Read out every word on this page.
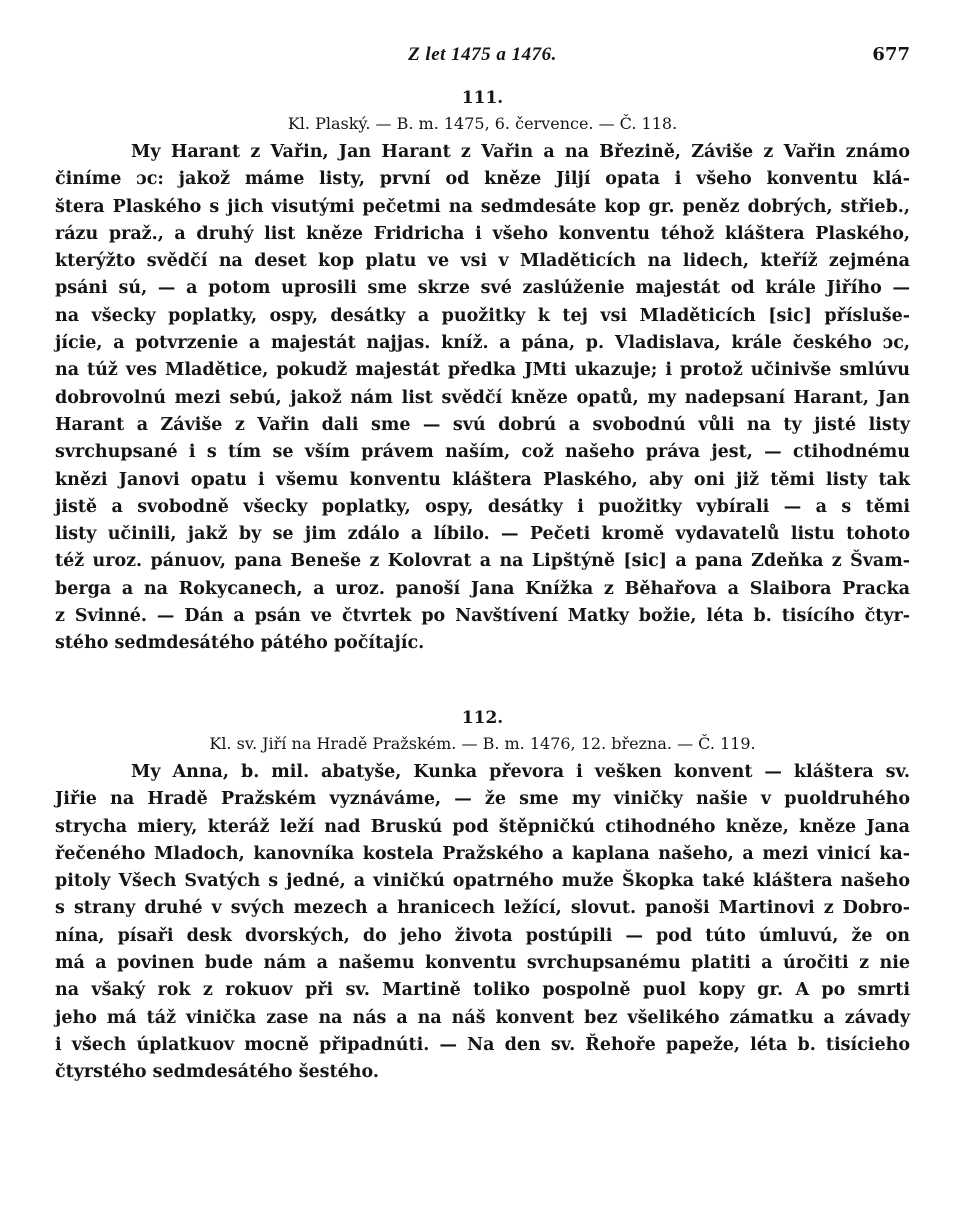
Z let 1475 a 1476.	677

111.

Kl. Plaský. — B. m. 1475, 6. července. — Č. 118.

My Harant z Vařin, Jan Harant z Vařin a na Březině, Záviše z Vařin známo
činíme ɔc: jakož máme listy, první od kněze Jiljí opata i všeho konventu klá-
štera Plaského s jich visutými pečetmi na sedmdesáte kop gr. peněz dobrých, střieb.,
rázu praž., a druhý list kněze Fridricha i všeho konventu téhož kláštera Plaského,
kterýžto svědčí na deset kop platu ve vsi v Mladěticích na lidech, kteříž zejména
psáni sú, — a potom uprosili sme skrze své zaslúženie majestát od krále Jiřího —
na všecky poplatky, ospy, desátky a puožitky k tej vsi Mladěticích [sic] přísluše-
jície, a potvrzenie a majestát najjas. kníž. a pána, p. Vladislava, krále českého ɔc,
na túž ves Mladětice, pokudž majestát předka JMti ukazuje; i protož učinivše smlúvu
dobrovolnú mezi sebú, jakož nám list svědčí kněze opatů, my nadepsaní Harant, Jan
Harant a Záviše z Vařin dali sme — svú dobrú a svobodnú vůli na ty jisté listy
svrchupsané i s tím se vším právem naším, což našeho práva jest, — ctihodnému
knězi Janovi opatu i všemu konventu kláštera Plaského, aby oni již těmi listy tak
jistě a svobodně všecky poplatky, ospy, desátky i puožitky vybírali — a s těmi
listy učinili, jakž by se jim zdálo a líbilo. — Pečeti kromě vydavatelů listu tohoto
též uroz. pánuov, pana Beneše z Kolovrat a na Lipštýně [sic] a pana Zdeňka z Švam-
berga a na Rokycanech, a uroz. panoší Jana Knížka z Běhařova a Slaibora Pracka
z Svinné. — Dán a psán ve čtvrtek po Navštívení Matky božie, léta b. tisícího čtyr-
stého sedmdesátého pátého počítajíc.

112.

Kl. sv. Jiří na Hradě Pražském. — B. m. 1476, 12. března. — Č. 119.

My Anna, b. mil. abatyše, Kunka převora i vešken konvent — kláštera sv.
Jiřie na Hradě Pražském vyznáváme, — že sme my viničky našie v puoldruhého
strycha miery, kteráž leží nad Bruskú pod štěpničkú ctihodného kněze, kněze Jana
řečeného Mladoch, kanovníka kostela Pražského a kaplana našeho, a mezi vinicí ka-
pitoly Všech Svatých s jedné, a viničkú opatrného muže Škopka také kláštera našeho
s strany druhé v svých mezech a hranicech ležící, slovut. panoši Martinovi z Dobro-
nína, písaři desk dvorských, do jeho života postúpili — pod túto úmluvú, že on
má a povinen bude nám a našemu konventu svrchupsanému platiti a úročiti z nie
na všaký rok z rokuov při sv. Martině toliko pospolně puol kopy gr. A po smrti
jeho má táž vinička zase na nás a na náš konvent bez všelikého zámatku a závady
i všech úplatkuov mocně připadnúti. — Na den sv. Řehoře papeže, léta b. tisícieho
čtyrstého sedmdesátého šestého.
